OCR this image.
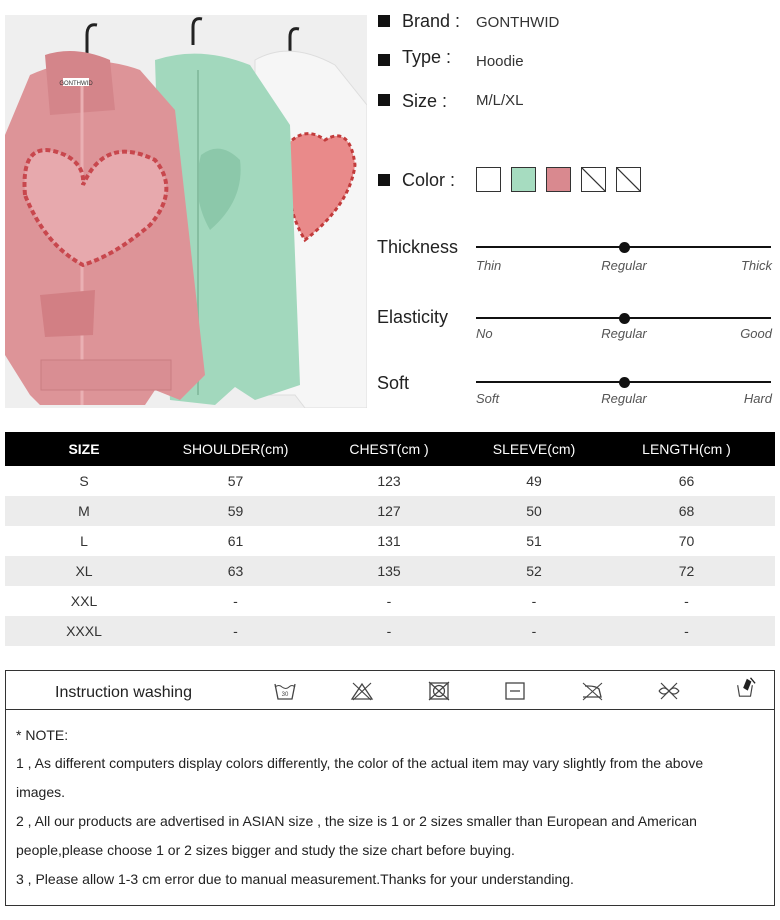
GONTHWID
Brand : GONTHWID
Type : Hoodie
Size : M/L/XL
Color :
Thickness
Thin	Regular	Thick
Elasticity
No	Regular	Good
Soft
Soft	Regular	Hard
SIZE	SHOULDER(cm)	CHEST(cm )	SLEEVE(cm)	LENGTH(cm )
S	57	123	49	66
M	59	127	50	68
L	61	131	51	70
XL	63	135	52	72
XXL	-	-	-	-
XXXL	-	-	-	-
Instruction washing	30
* NOTE:
1 , As different computers display colors differently, the color of the actual item may vary slightly from the above
images.
2 , All our products are advertised in ASIAN size , the size is 1 or 2 sizes smaller than European and American
people,please choose 1 or 2 sizes bigger and study the size chart before buying.
3 , Please allow 1-3 cm error due to manual measurement.Thanks for your understanding.
